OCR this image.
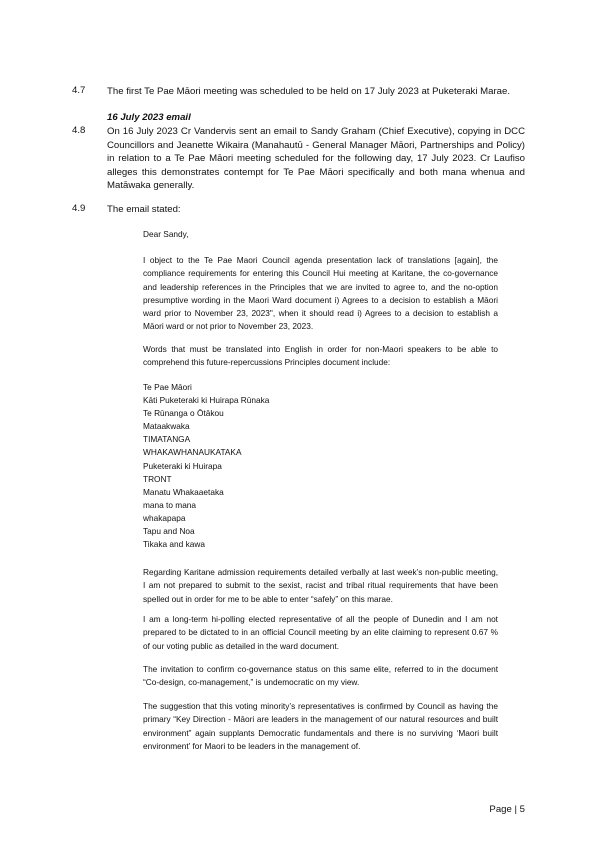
4.7 The first Te Pae Māori meeting was scheduled to be held on 17 July 2023 at Puketeraki Marae.
16 July 2023 email
4.8 On 16 July 2023 Cr Vandervis sent an email to Sandy Graham (Chief Executive), copying in DCC Councillors and Jeanette Wikaira (Manahautū - General Manager Māori, Partnerships and Policy) in relation to a Te Pae Māori meeting scheduled for the following day, 17 July 2023. Cr Laufiso alleges this demonstrates contempt for Te Pae Māori specifically and both mana whenua and Matāwaka generally.
4.9 The email stated:
Dear Sandy,
I object to the Te Pae Maori Council agenda presentation lack of translations [again], the compliance requirements for entering this Council Hui meeting at Karitane, the co-governance and leadership references in the Principles that we are invited to agree to, and the no-option presumptive wording in the Maori Ward document i) Agrees to a decision to establish a Māori ward prior to November 23, 2023", when it should read i) Agrees to a decision to establish a Māori ward or not prior to November 23, 2023.
Words that must be translated into English in order for non-Maori speakers to be able to comprehend this future-repercussions Principles document include:
Te Pae Māori
Kāti Puketeraki ki Huirapa Rūnaka
Te Rūnanga o Ōtākou
Mataakwaka
TIMATANGA
WHAKAWHANAUKATAKA
Puketeraki ki Huirapa
TRONT
Manatu Whakaaetaka
mana to mana
whakapapa
Tapu and Noa
Tikaka and kawa
Regarding Karitane admission requirements detailed verbally at last week’s non-public meeting, I am not prepared to submit to the sexist, racist and tribal ritual requirements that have been spelled out in order for me to be able to enter “safely” on this marae.
I am a long-term hi-polling elected representative of all the people of Dunedin and I am not prepared to be dictated to in an official Council meeting by an elite claiming to represent 0.67 % of our voting public as detailed in the ward document.
The invitation to confirm co-governance status on this same elite, referred to in the document “Co-design, co-management,” is undemocratic on my view.
The suggestion that this voting minority’s representatives is confirmed by Council as having the primary “Key Direction - Māori are leaders in the management of our natural resources and built environment” again supplants Democratic fundamentals and there is no surviving ‘Maori built environment’ for Maori to be leaders in the management of.
Page | 5
